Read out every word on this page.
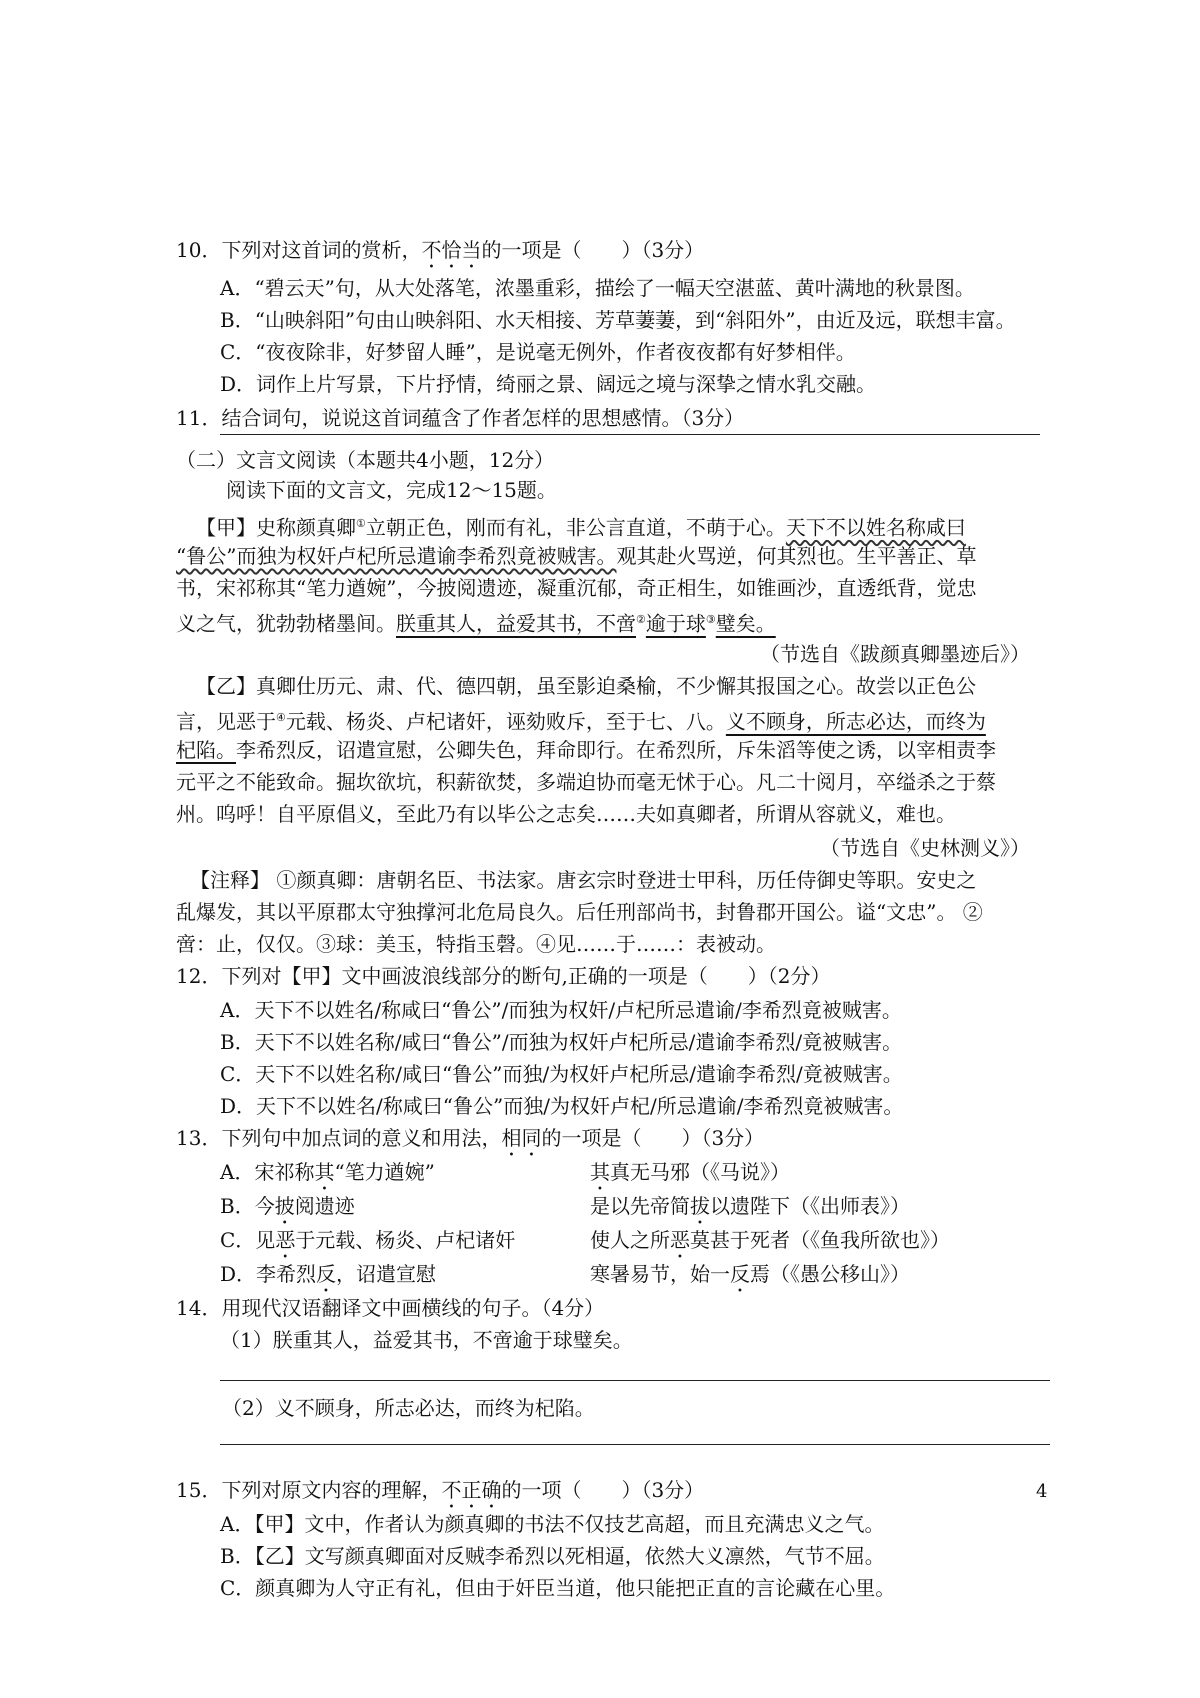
10．下列对这首词的赏析，不恰当的一项是（　　）（3分）
A．“碧云天”句，从大处落笔，浓墨重彩，描绘了一幅天空湛蓝、黄叶满地的秋景图。
B．“山映斜阳”句由山映斜阳、水天相接、芳草萋萋，到“斜阳外”，由近及远，联想丰富。
C．“夜夜除非，好梦留人睡”，是说毫无例外，作者夜夜都有好梦相伴。
D．词作上片写景，下片抒情，绮丽之景、阔远之境与深挚之情水乳交融。
11．结合词句，说说这首词蕴含了作者怎样的思想感情。（3分）
（二）文言文阅读（本题共4小题，12分）
阅读下面的文言文，完成12～15题。
【甲】史称颜真卿①立朝正色，刚而有礼，非公言直道，不萌于心。天下不以姓名称咸曰
“鲁公”而独为权奸卢杞所忌遣谕李希烈竟被贼害。观其赴火骂逆，何其烈也。生平善正、草
书，宋祁称其“笔力遒婉”，今披阅遗迹，凝重沉郁，奇正相生，如锥画沙，直透纸背，觉忠
义之气，犹勃勃楮墨间。朕重其人，益爱其书，不啻②逾于球③璧矣。
（节选自《跋颜真卿墨迹后》）
【乙】真卿仕历元、肃、代、德四朝，虽至影迫桑榆，不少懈其报国之心。故尝以正色公
言，见恶于④元载、杨炎、卢杞诸奸，诬劾败斥，至于七、八。义不顾身，所志必达，而终为
杞陷。李希烈反，诏遣宣慰，公卿失色，拜命即行。在希烈所，斥朱滔等使之诱，以宰相责李
元平之不能致命。掘坎欲坑，积薪欲焚，多端迫协而毫无怵于心。凡二十阅月，卒缢杀之于蔡
州。呜呼！自平原倡义，至此乃有以毕公之志矣……夫如真卿者，所谓从容就义，难也。
（节选自《史林测义》）
【注释】 ①颜真卿：唐朝名臣、书法家。唐玄宗时登进士甲科，历任侍御史等职。安史之
乱爆发，其以平原郡太守独撑河北危局良久。后任刑部尚书，封鲁郡开国公。谥“文忠”。 ②
啻：止，仅仅。③球：美玉，特指玉磬。④见……于……：表被动。
12．下列对【甲】文中画波浪线部分的断句,正确的一项是（　　）（2分）
A．天下不以姓名/称咸曰“鲁公”/而独为权奸/卢杞所忌遣谕/李希烈竟被贼害。
B．天下不以姓名称/咸曰“鲁公”/而独为权奸卢杞所忌/遣谕李希烈/竟被贼害。
C．天下不以姓名称/咸曰“鲁公”而独/为权奸卢杞所忌/遣谕李希烈/竟被贼害。
D．天下不以姓名/称咸曰“鲁公”而独/为权奸卢杞/所忌遣谕/李希烈竟被贼害。
13．下列句中加点词的意义和用法，相同的一项是（　　）（3分）
A．宋祁称其“笔力遒婉”	其真无马邪（《马说》）
B．今披阅遗迹	是以先帝简拔以遗陛下（《出师表》）
C．见恶于元载、杨炎、卢杞诸奸	使人之所恶莫甚于死者（《鱼我所欲也》）
D．李希烈反，诏遣宣慰	寒暑易节，始一反焉（《愚公移山》）
14．用现代汉语翻译文中画横线的句子。（4分）
（1）朕重其人，益爱其书，不啻逾于球璧矣。
（2）义不顾身，所志必达，而终为杞陷。
15．下列对原文内容的理解，不正确的一项（　　）（3分）
A．【甲】文中，作者认为颜真卿的书法不仅技艺高超，而且充满忠义之气。
B．【乙】文写颜真卿面对反贼李希烈以死相逼，依然大义凛然，气节不屈。
C．颜真卿为人守正有礼，但由于奸臣当道，他只能把正直的言论藏在心里。
4
